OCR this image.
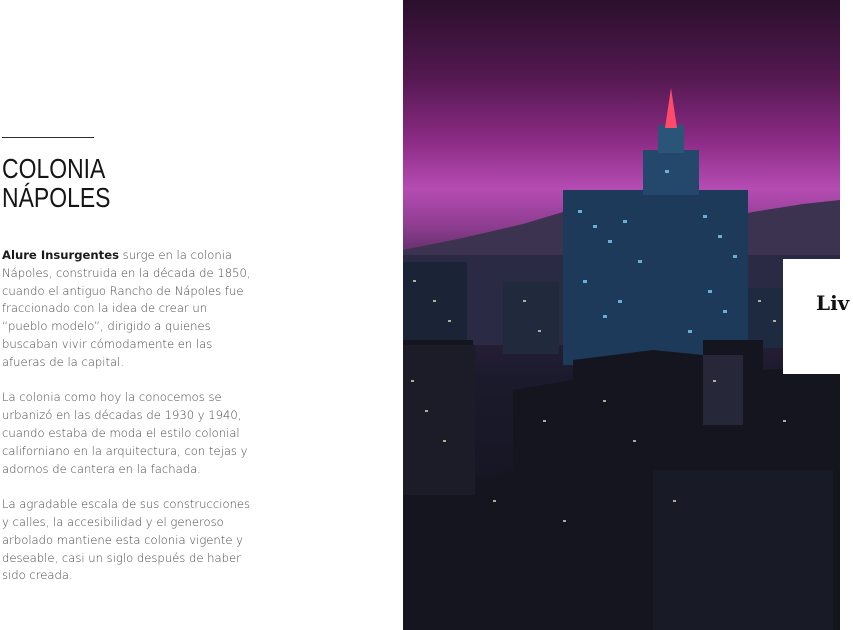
COLONIA
NÁPOLES

Alure Insurgentes surge en la colonia Nápoles, construida en la década de 1850, cuando el antiguo Rancho de Nápoles fue fraccionado con la idea de crear un “pueblo modelo”, dirigido a quienes buscaban vivir cómodamente en las afueras de la capital.

La colonia como hoy la conocemos se urbanizó en las décadas de 1930 y 1940, cuando estaba de moda el estilo colonial californiano en la arquitectura, con tejas y adornos de cantera en la fachada.

La agradable escala de sus construcciones y calles, la accesibilidad y el generoso arbolado mantiene esta colonia vigente y deseable, casi un siglo después de haber sido creada.

Liv
